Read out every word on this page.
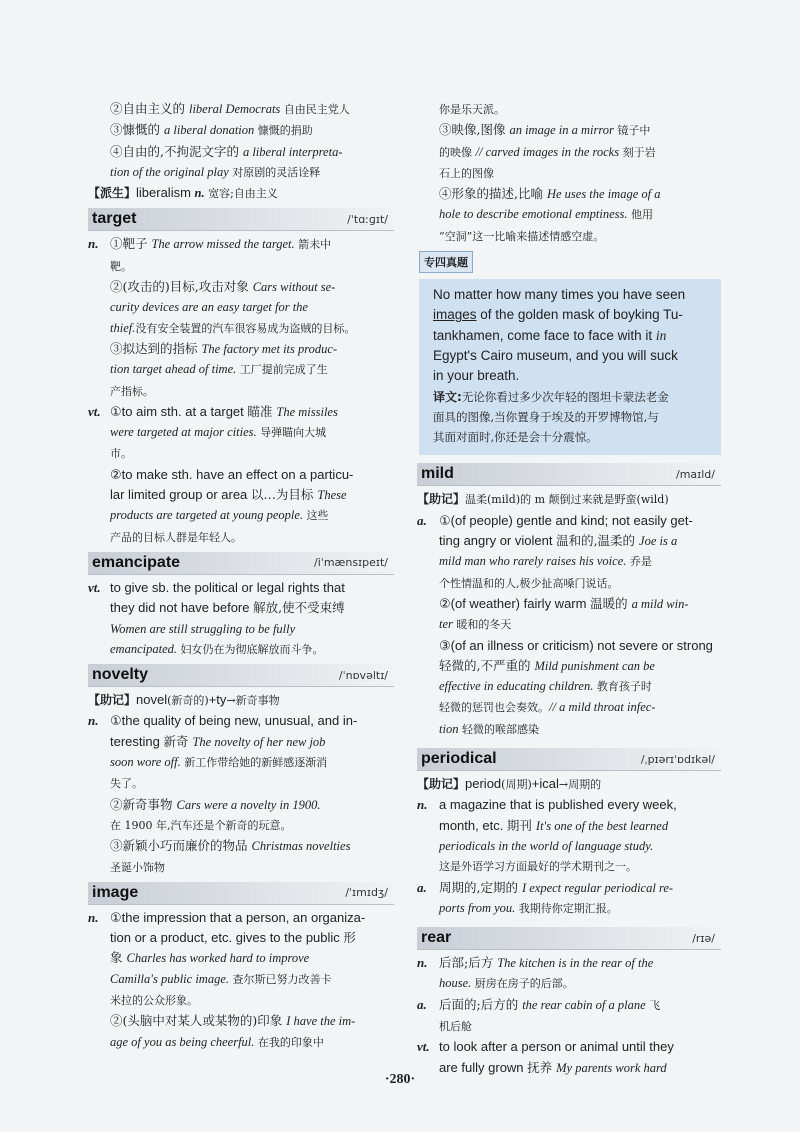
②自由主义的 liberal Democrats 自由民主党人
③慷慨的 a liberal donation 慷慨的捐助
④自由的,不拘泥文字的 a liberal interpreta-
tion of the original play 对原剧的灵活诠释
【派生】liberalism n. 宽容;自由主义
target	/ˈtɑːɡɪt/
n. ①靶子 The arrow missed the target. 箭未中
靶。
②(攻击的)目标,攻击对象 Cars without se-
curity devices are an easy target for the
thief.没有安全装置的汽车很容易成为盗贼的目标。
③拟达到的指标 The factory met its produc-
tion target ahead of time. 工厂提前完成了生
产指标。
vt. ①to aim sth. at a target 瞄准 The missiles
were targeted at major cities. 导弹瞄向大城
市。
②to make sth. have an effect on a particu-
lar limited group or area 以…为目标 These
products are targeted at young people. 这些
产品的目标人群是年轻人。
emancipate	/iˈmænsɪpeɪt/
vt. to give sb. the political or legal rights that
they did not have before 解放,使不受束缚
Women are still struggling to be fully
emancipated. 妇女仍在为彻底解放而斗争。
novelty	/ˈnɒvəltɪ/
【助记】novel(新奇的)+ty→新奇事物
n. ①the quality of being new, unusual, and in-
teresting 新奇 The novelty of her new job
soon wore off. 新工作带给她的新鲜感逐渐消
失了。
②新奇事物 Cars were a novelty in 1900.
在 1900 年,汽车还是个新奇的玩意。
③新颖小巧而廉价的物品 Christmas novelties
圣诞小饰物
image	/ˈɪmɪdʒ/
n. ①the impression that a person, an organiza-
tion or a product, etc. gives to the public 形
象 Charles has worked hard to improve
Camilla's public image. 查尔斯已努力改善卡
米拉的公众形象。
②(头脑中对某人或某物的)印象 I have the im-
age of you as being cheerful. 在我的印象中
你是乐天派。
③映像,图像 an image in a mirror 镜子中
的映像 // carved images in the rocks 刻于岩
石上的图像
④形象的描述,比喻 He uses the image of a
hole to describe emotional emptiness. 他用
“空洞”这一比喻来描述情感空虚。
专四真题
No matter how many times you have seen
images of the golden mask of boyking Tu-
tankhamen, come face to face with it in
Egypt's Cairo museum, and you will suck
in your breath.
译文:无论你看过多少次年轻的图坦卡蒙法老金
面具的图像,当你置身于埃及的开罗博物馆,与
其面对面时,你还是会十分震惊。
mild	/maɪld/
【助记】温柔(mild)的 m 颠倒过来就是野蛮(wild)
a. ①(of people) gentle and kind; not easily get-
ting angry or violent 温和的,温柔的 Joe is a
mild man who rarely raises his voice. 乔是
个性情温和的人,极少扯高嗓门说话。
②(of weather) fairly warm 温暖的 a mild win-
ter 暖和的冬天
③(of an illness or criticism) not severe or strong
轻微的,不严重的 Mild punishment can be
effective in educating children. 教育孩子时
轻微的惩罚也会奏效。// a mild throat infec-
tion 轻微的喉部感染
periodical	/ˌpɪərɪˈɒdɪkəl/
【助记】period(周期)+ical→周期的
n. a magazine that is published every week,
month, etc. 期刊 It's one of the best learned
periodicals in the world of language study.
这是外语学习方面最好的学术期刊之一。
a. 周期的,定期的 I expect regular periodical re-
ports from you. 我期待你定期汇报。
rear	/rɪə/
n. 后部;后方 The kitchen is in the rear of the
house. 厨房在房子的后部。
a. 后面的;后方的 the rear cabin of a plane 飞
机后舱
vt. to look after a person or animal until they
are fully grown 抚养 My parents work hard
·280·
